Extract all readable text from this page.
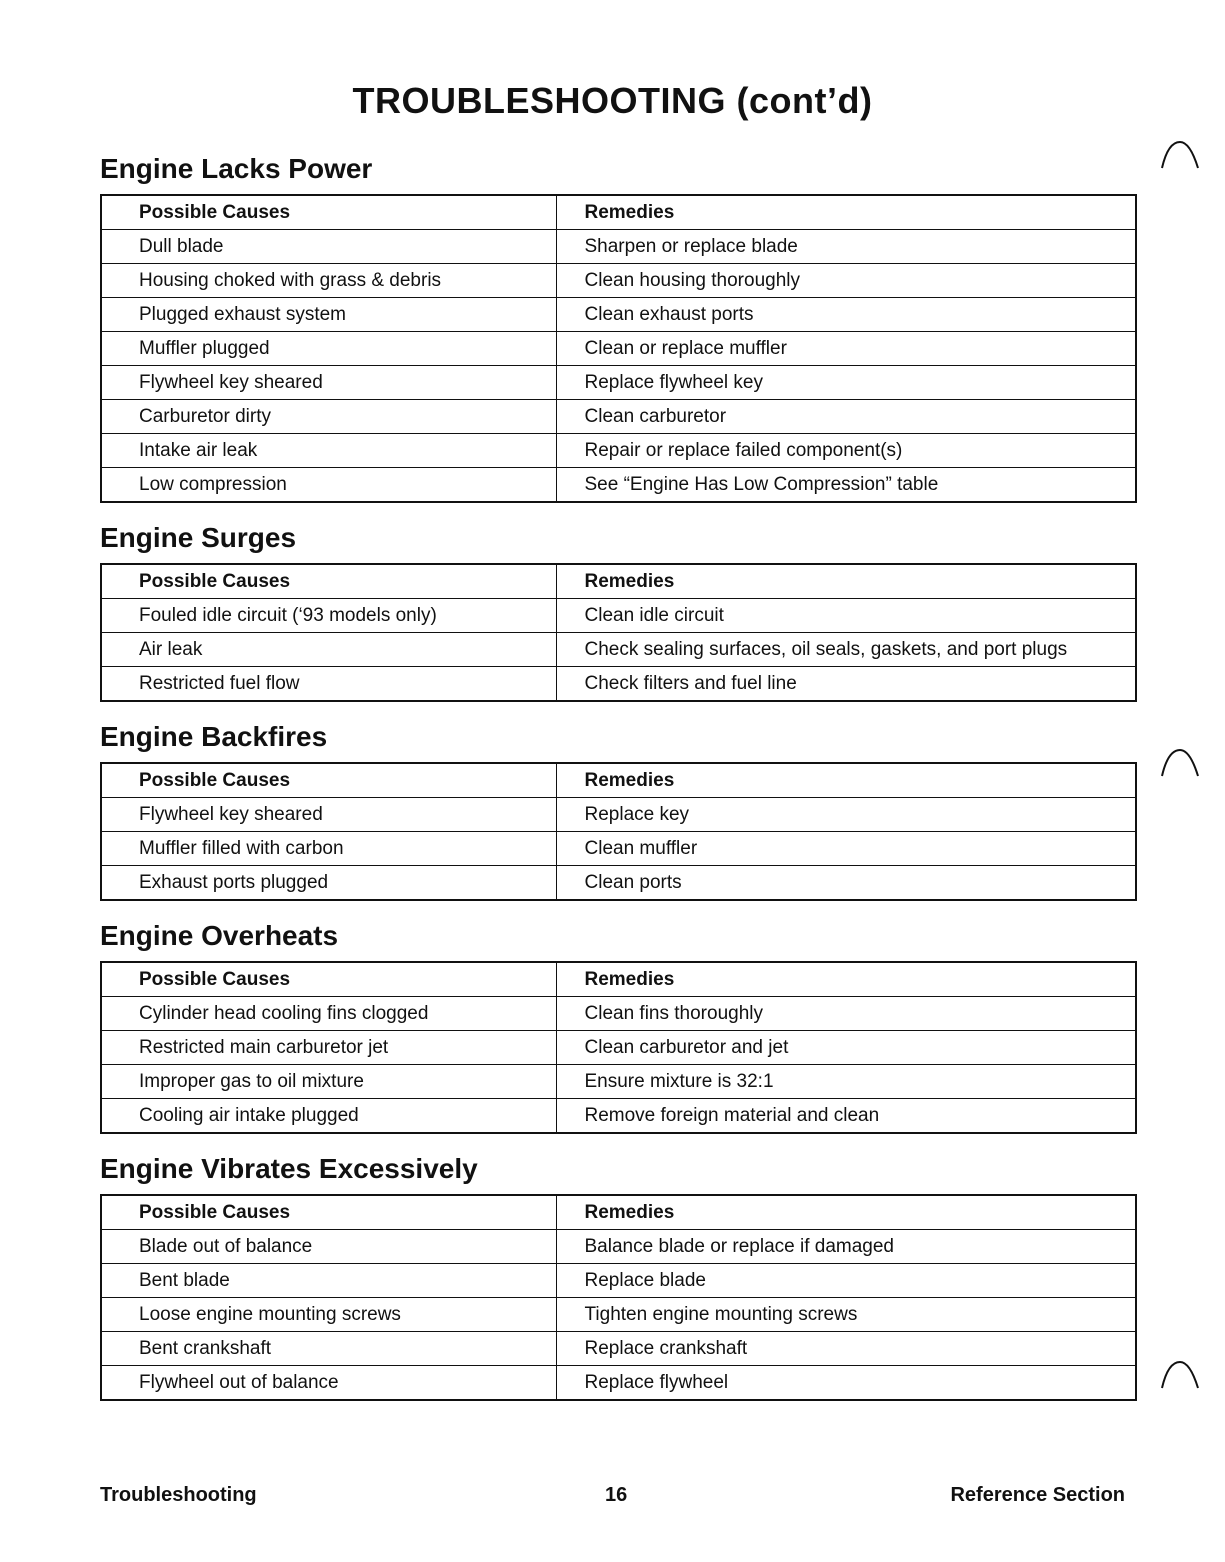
TROUBLESHOOTING (cont’d)
Engine Lacks Power
Possible Causes	Remedies
Dull blade	Sharpen or replace blade
Housing choked with grass & debris	Clean housing thoroughly
Plugged exhaust system	Clean exhaust ports
Muffler plugged	Clean or replace muffler
Flywheel key sheared	Replace flywheel key
Carburetor dirty	Clean carburetor
Intake air leak	Repair or replace failed component(s)
Low compression	See “Engine Has Low Compression” table
Engine Surges
Possible Causes	Remedies
Fouled idle circuit (‘93 models only)	Clean idle circuit
Air leak	Check sealing surfaces, oil seals, gaskets, and port plugs
Restricted fuel flow	Check filters and fuel line
Engine Backfires
Possible Causes	Remedies
Flywheel key sheared	Replace key
Muffler filled with carbon	Clean muffler
Exhaust ports plugged	Clean ports
Engine Overheats
Possible Causes	Remedies
Cylinder head cooling fins clogged	Clean fins thoroughly
Restricted main carburetor jet	Clean carburetor and jet
Improper gas to oil mixture	Ensure mixture is 32:1
Cooling air intake plugged	Remove foreign material and clean
Engine Vibrates Excessively
Possible Causes	Remedies
Blade out of balance	Balance blade or replace if damaged
Bent blade	Replace blade
Loose engine mounting screws	Tighten engine mounting screws
Bent crankshaft	Replace crankshaft
Flywheel out of balance	Replace flywheel
Troubleshooting	16	Reference Section
